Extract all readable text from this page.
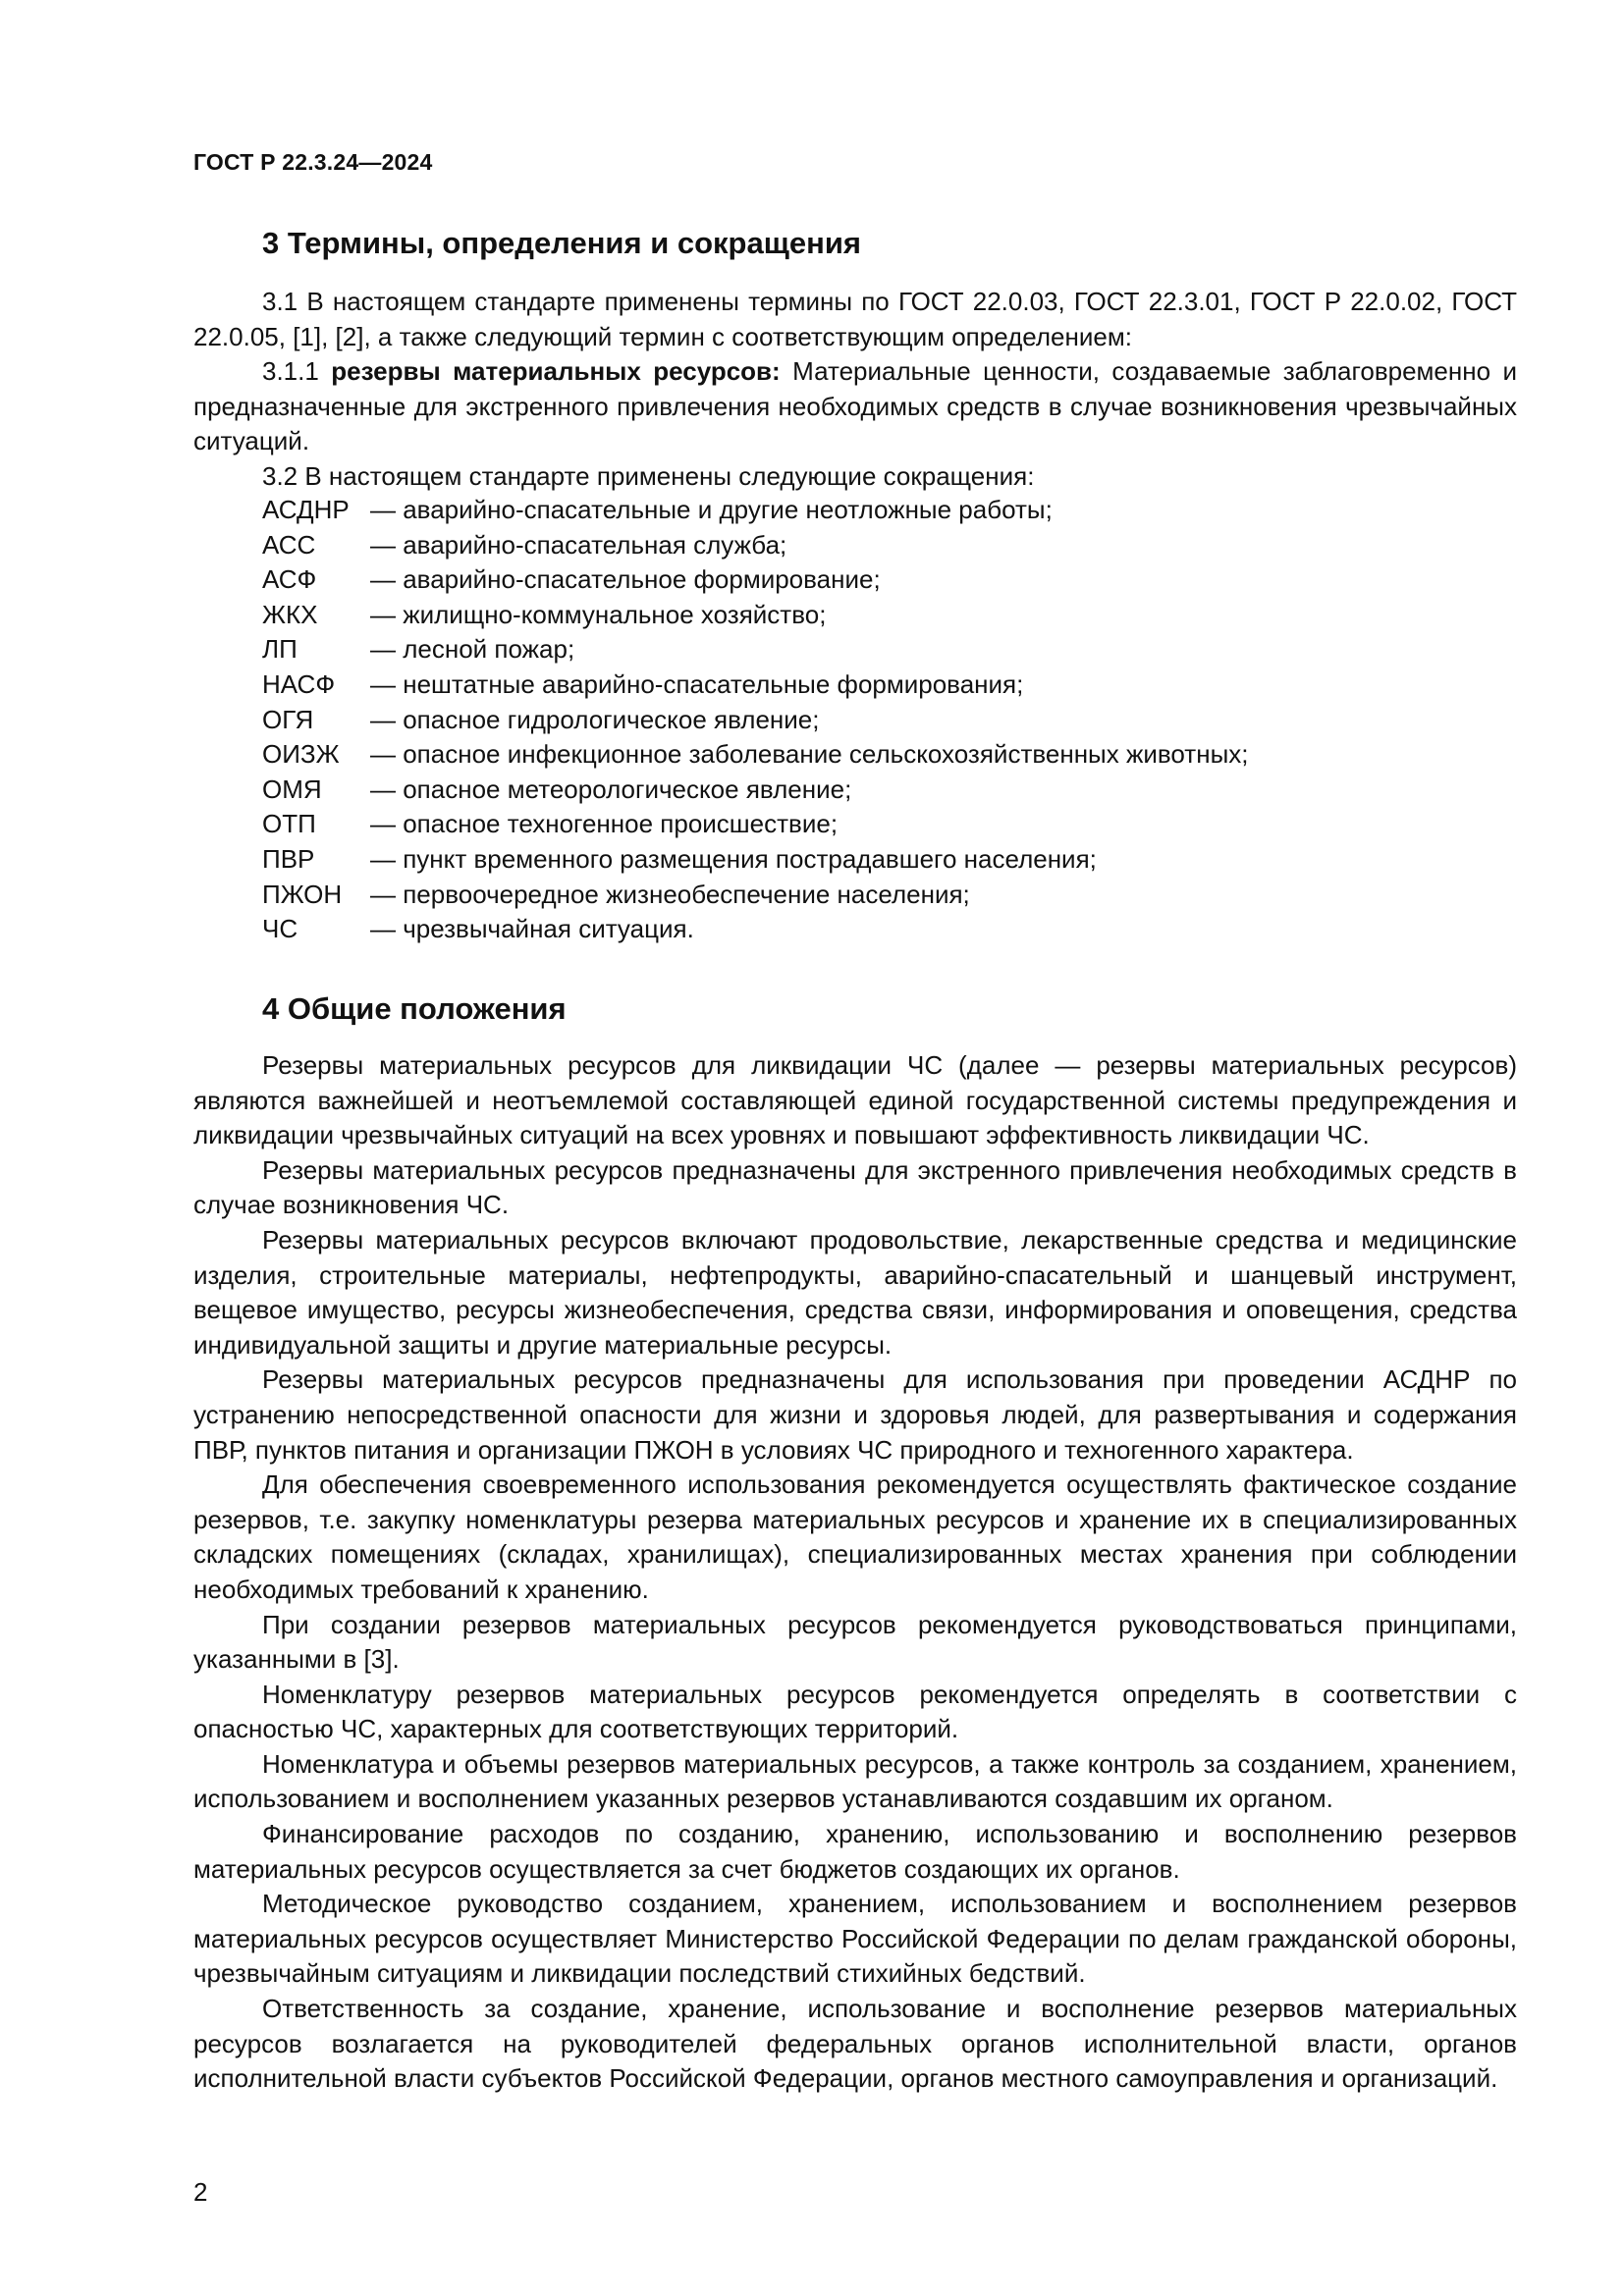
ГОСТ Р 22.3.24—2024
3 Термины, определения и сокращения

3.1 В настоящем стандарте применены термины по ГОСТ 22.0.03, ГОСТ 22.3.01, ГОСТ Р 22.0.02, ГОСТ 22.0.05, [1], [2], а также следующий термин с соответствующим определением:

3.1.1 резервы материальных ресурсов: Материальные ценности, создаваемые заблаговременно и предназначенные для экстренного привлечения необходимых средств в случае возникновения чрезвычайных ситуаций.

3.2 В настоящем стандарте применены следующие сокращения:

АСДНР — аварийно-спасательные и другие неотложные работы;
АСС	— аварийно-спасательная служба;
АСФ	— аварийно-спасательное формирование;
ЖКХ	— жилищно-коммунальное хозяйство;
ЛП	— лесной пожар;
НАСФ	— нештатные аварийно-спасательные формирования;
ОГЯ	— опасное гидрологическое явление;
ОИЗЖ	— опасное инфекционное заболевание сельскохозяйственных животных;
ОМЯ	— опасное метеорологическое явление;
ОТП	— опасное техногенное происшествие;
ПВР	— пункт временного размещения пострадавшего населения;
ПЖОН	— первоочередное жизнеобеспечение населения;
ЧС	— чрезвычайная ситуация.
4 Общие положения

Резервы материальных ресурсов для ликвидации ЧС (далее — резервы материальных ресурсов) являются важнейшей и неотъемлемой составляющей единой государственной системы предупреждения и ликвидации чрезвычайных ситуаций на всех уровнях и повышают эффективность ликвидации ЧС.

Резервы материальных ресурсов предназначены для экстренного привлечения необходимых средств в случае возникновения ЧС.

Резервы материальных ресурсов включают продовольствие, лекарственные средства и медицинские изделия, строительные материалы, нефтепродукты, аварийно-спасательный и шанцевый инструмент, вещевое имущество, ресурсы жизнеобеспечения, средства связи, информирования и оповещения, средства индивидуальной защиты и другие материальные ресурсы.

Резервы материальных ресурсов предназначены для использования при проведении АСДНР по устранению непосредственной опасности для жизни и здоровья людей, для развертывания и содержания ПВР, пунктов питания и организации ПЖОН в условиях ЧС природного и техногенного характера.

Для обеспечения своевременного использования рекомендуется осуществлять фактическое создание резервов, т.е. закупку номенклатуры резерва материальных ресурсов и хранение их в специализированных складских помещениях (складах, хранилищах), специализированных местах хранения при соблюдении необходимых требований к хранению.

При создании резервов материальных ресурсов рекомендуется руководствоваться принципами, указанными в [3].

Номенклатуру резервов материальных ресурсов рекомендуется определять в соответствии с опасностью ЧС, характерных для соответствующих территорий.

Номенклатура и объемы резервов материальных ресурсов, а также контроль за созданием, хранением, использованием и восполнением указанных резервов устанавливаются создавшим их органом.

Финансирование расходов по созданию, хранению, использованию и восполнению резервов материальных ресурсов осуществляется за счет бюджетов создающих их органов.

Методическое руководство созданием, хранением, использованием и восполнением резервов материальных ресурсов осуществляет Министерство Российской Федерации по делам гражданской обороны, чрезвычайным ситуациям и ликвидации последствий стихийных бедствий.

Ответственность за создание, хранение, использование и восполнение резервов материальных ресурсов возлагается на руководителей федеральных органов исполнительной власти, органов исполнительной власти субъектов Российской Федерации, органов местного самоуправления и организаций.

2
